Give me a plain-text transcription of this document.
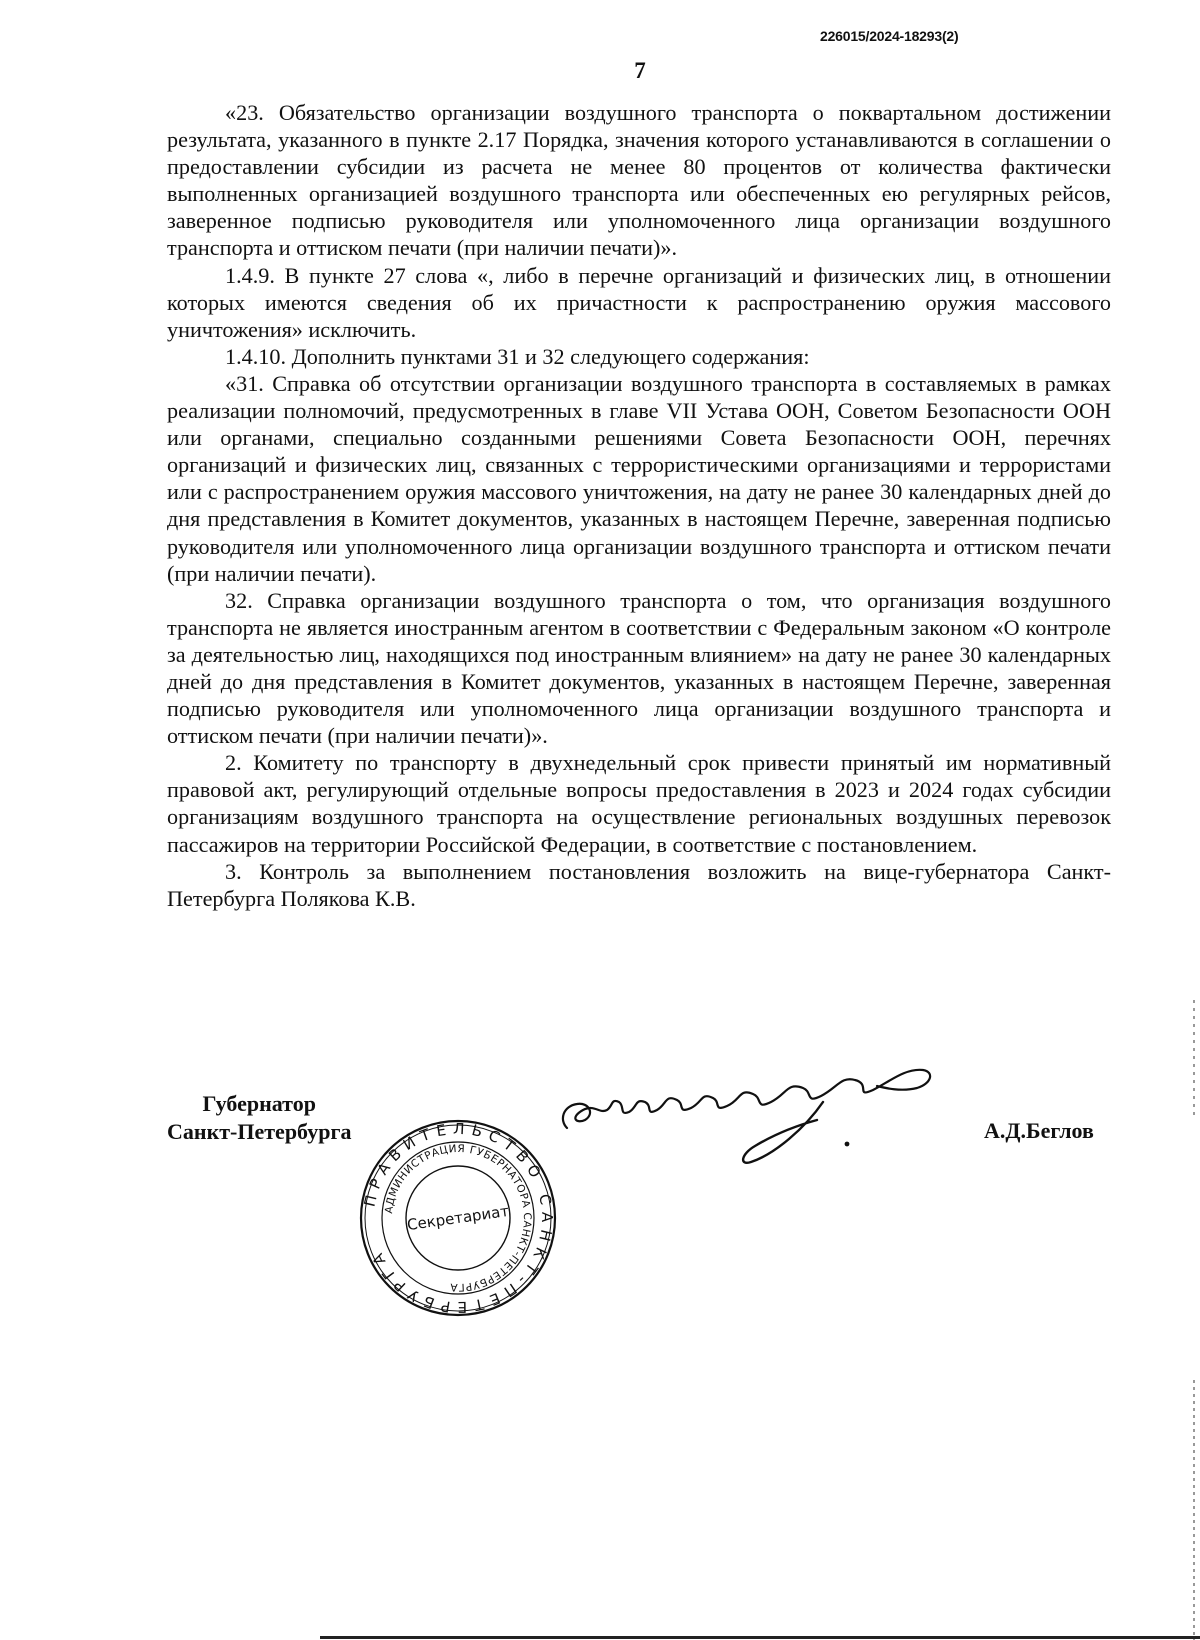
226015/2024-18293(2)
7

«23. Обязательство организации воздушного транспорта о поквартальном достижении результата, указанного в пункте 2.17 Порядка, значения которого устанавливаются в соглашении о предоставлении субсидии из расчета не менее 80 процентов от количества фактически выполненных организацией воздушного транспорта или обеспеченных ею регулярных рейсов, заверенное подписью руководителя или уполномоченного лица организации воздушного транспорта и оттиском печати (при наличии печати)».

1.4.9. В пункте 27 слова «, либо в перечне организаций и физических лиц, в отношении которых имеются сведения об их причастности к распространению оружия массового уничтожения» исключить.

1.4.10. Дополнить пунктами 31 и 32 следующего содержания:

«31. Справка об отсутствии организации воздушного транспорта в составляемых в рамках реализации полномочий, предусмотренных в главе VII Устава ООН, Советом Безопасности ООН или органами, специально созданными решениями Совета Безопасности ООН, перечнях организаций и физических лиц, связанных с террористическими организациями и террористами или с распространением оружия массового уничтожения, на дату не ранее 30 календарных дней до дня представления в Комитет документов, указанных в настоящем Перечне, заверенная подписью руководителя или уполномоченного лица организации воздушного транспорта и оттиском печати (при наличии печати).

32. Справка организации воздушного транспорта о том, что организация воздушного транспорта не является иностранным агентом в соответствии с Федеральным законом «О контроле за деятельностью лиц, находящихся под иностранным влиянием» на дату не ранее 30 календарных дней до дня представления в Комитет документов, указанных в настоящем Перечне, заверенная подписью руководителя или уполномоченного лица организации воздушного транспорта и оттиском печати (при наличии печати)».

2. Комитету по транспорту в двухнедельный срок привести принятый им нормативный правовой акт, регулирующий отдельные вопросы предоставления в 2023 и 2024 годах субсидии организациям воздушного транспорта на осуществление региональных воздушных перевозок пассажиров на территории Российской Федерации, в соответствие с постановлением.

3. Контроль за выполнением постановления возложить на вице-губернатора Санкт-Петербурга Полякова К.В.

Губернатор
Санкт-Петербурга	А.Д.Беглов
ПРАВИТЕЛЬСТВО САНКТ-ПЕТЕРБУРГА
АДМИНИСТРАЦИЯ ГУБЕРНАТОРА САНКТ-ПЕТЕРБУРГА
Секретариат
